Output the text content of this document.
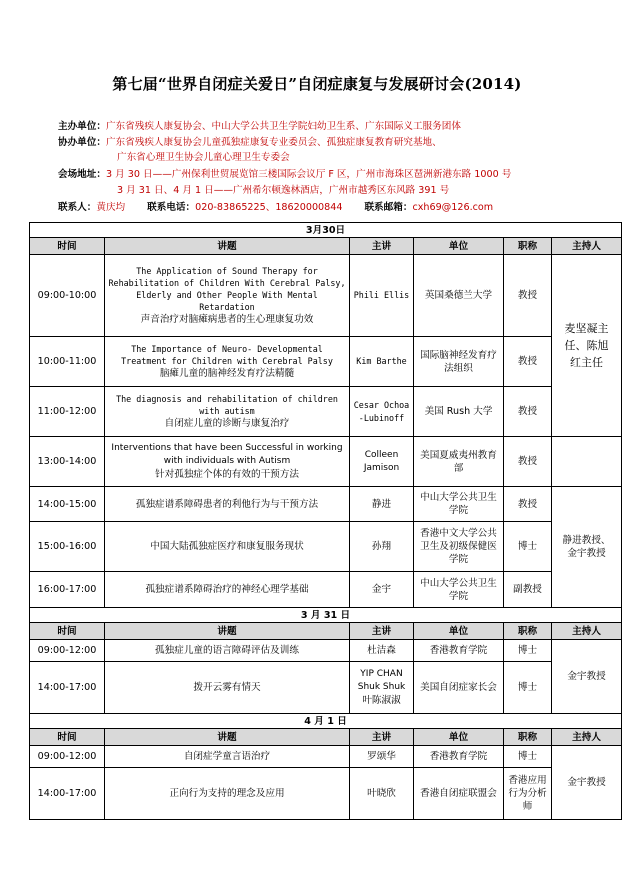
第七届“世界自闭症关爱日”自闭症康复与发展研讨会(2014)
主办单位：广东省残疾人康复协会、中山大学公共卫生学院妇幼卫生系、广东国际义工服务团体
协办单位：广东省残疾人康复协会儿童孤独症康复专业委员会、孤独症康复教育研究基地、
广东省心理卫生协会儿童心理卫生专委会
会场地址：3 月 30 日——广州保利世贸展览馆三楼国际会议厅 F 区，广州市海珠区琶洲新港东路 1000 号
3 月 31 日、4 月 1 日——广州希尔顿逸林酒店，广州市越秀区东风路 391 号
联系人：黄庆均 联系电话：020-83865225、18620000844 联系邮箱：cxh69@126.com
3月30日					
时间	讲题	主讲	单位	职称	主持人
09:00-10:00	The Application of Sound Therapy for Rehabilitation of Children With Cerebral Palsy, Elderly and Other People With Mental Retardation
声音治疗对脑瘫病患者的生心理康复功效	Phili Ellis	英国桑德兰大学	教授	麦坚凝主任、陈旭红主任
10:00-11:00	The Importance of Neuro- Developmental Treatment for Children with Cerebral Palsy
脑瘫儿童的脑神经发育疗法精髓	Kim Barthe	国际脑神经发育疗法组织	教授	
11:00-12:00	The diagnosis and rehabilitation of children with autism
自闭症儿童的诊断与康复治疗	Cesar Ochoa-Lubinoff	美国 Rush 大学	教授	
13:00-14:00	Interventions that have been Successful in working with individuals with Autism
针对孤独症个体的有效的干预方法	Colleen Jamison	美国夏威夷州教育部	教授	
14:00-15:00	孤独症谱系障碍患者的利他行为与干预方法	静进	中山大学公共卫生学院	教授	静进教授、金宇教授
15:00-16:00	中国大陆孤独症医疗和康复服务现状	孙翔	香港中文大学公共卫生及初级保健医学院	博士	
16:00-17:00	孤独症谱系障碍治疗的神经心理学基础	金宇	中山大学公共卫生学院	副教授	
3 月 31 日					
时间	讲题	主讲	单位	职称	主持人
09:00-12:00	孤独症儿童的语言障碍评估及训练	杜洁森	香港教育学院	博士	金宇教授
14:00-17:00	拨开云雾有情天	YIP CHAN Shuk Shuk
叶陈淑淑	美国自闭症家长会	博士	
4 月 1 日					
时间	讲题	主讲	单位	职称	主持人
09:00-12:00	自闭症学童言语治疗	罗颂华	香港教育学院	博士	金宇教授
14:00-17:00	正向行为支持的理念及应用	叶晓欣	香港自闭症联盟会	香港应用行为分析师	
